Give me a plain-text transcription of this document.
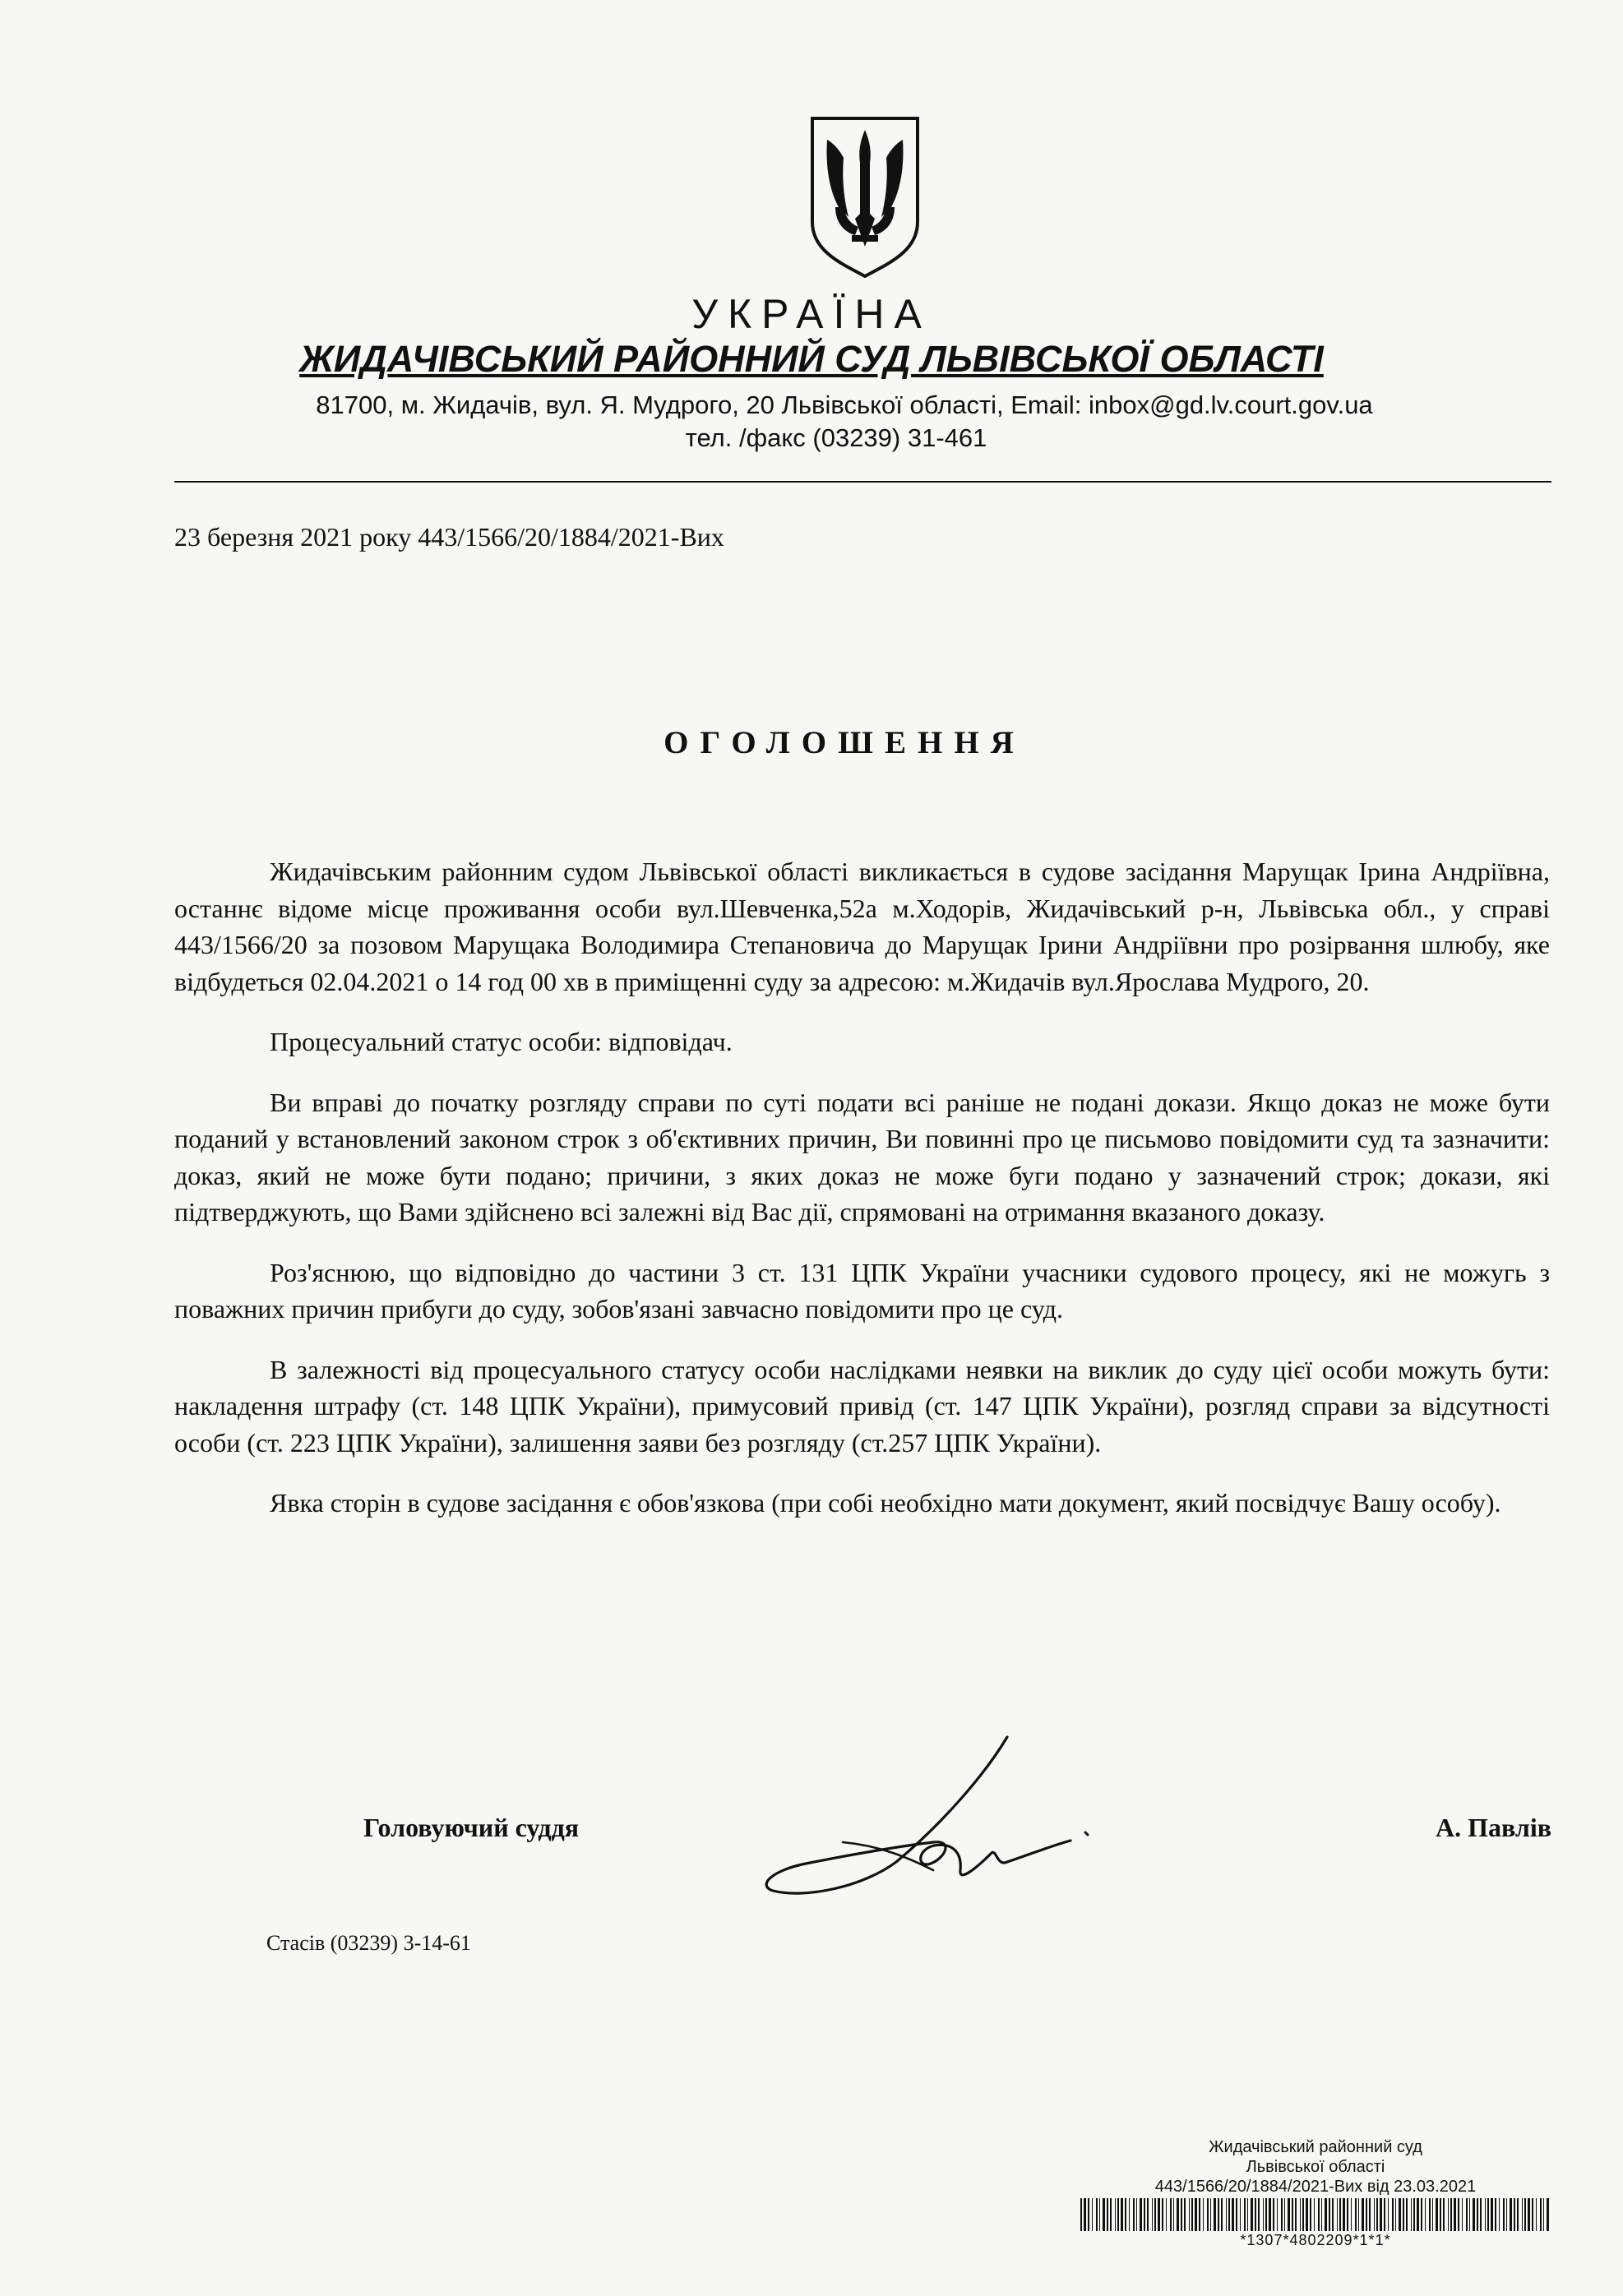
УКРАЇНА
ЖИДАЧІВСЬКИЙ РАЙОННИЙ СУД ЛЬВІВСЬКОЇ ОБЛАСТІ
81700, м. Жидачів, вул. Я. Мудрого, 20 Львівської області, Email: inbox@gd.lv.court.gov.ua
тел. /факс (03239) 31-461
23 березня 2021 року 443/1566/20/1884/2021-Вих
ОГОЛОШЕННЯ

Жидачівським районним судом Львівської області викликається в судове засідання Марущак Ірина Андріївна, останнє відоме місце проживання особи вул.Шевченка,52а м.Ходорів, Жидачівський р-н, Львівська обл., у справі 443/1566/20 за позовом Марущака Володимира Степановича до Марущак Ірини Андріївни про розірвання шлюбу, яке відбудеться 02.04.2021 о 14 год 00 хв в приміщенні суду за адресою: м.Жидачів вул.Ярослава Мудрого, 20.

Процесуальний статус особи: відповідач.

Ви вправі до початку розгляду справи по суті подати всі раніше не подані докази. Якщо доказ не може бути поданий у встановлений законом строк з об'єктивних причин, Ви повинні про це письмово повідомити суд та зазначити: доказ, який не може бути подано; причини, з яких доказ не може буги подано у зазначений строк; докази, які підтверджують, що Вами здійснено всі залежні від Вас дії, спрямовані на отримання вказаного доказу.

Роз'яснюю, що відповідно до частини 3 ст. 131 ЦПК України учасники судового процесу, які не можугь з поважних причин прибуги до суду, зобов'язані завчасно повідомити про це суд.

В залежності від процесуального статусу особи наслідками неявки на виклик до суду цієї особи можуть бути: накладення штрафу (ст. 148 ЦПК України), примусовий привід (ст. 147 ЦПК України), розгляд справи за відсутності особи (ст. 223 ЦПК України), залишення заяви без розгляду (ст.257 ЦПК України).

Явка сторін в судове засідання є обов'язкова (при собі необхідно мати документ, який посвідчує Вашу особу).

Головуючий суддя	А. Павлів
Стасів (03239) 3-14-61
Жидачівський районний суд
Львівської області
443/1566/20/1884/2021-Вих від 23.03.2021
*1307*4802209*1*1*
